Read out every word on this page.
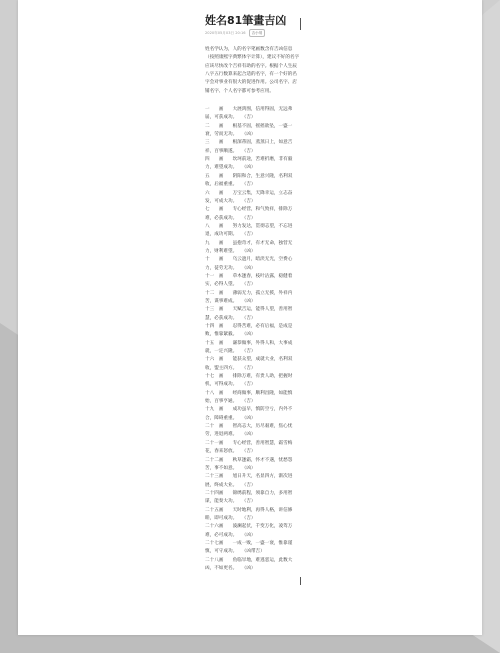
姓名81筆畫吉凶
2020年05月03日 20:16	吉小易

姓名学认为，人的名字笔画数含有吉凶信息（按照康熙字典繁体字计算），建议不好的名字应该尽快改个吉祥有助的名字。根据个人生辰八字五行数算来起合适的名字，有一个好的名字会对事业有很大的促进作用。公司名字、店铺名字、个人名字都可参考应用。

一　　画　　大展鸿图，信用得固，无远弗届，可获成功。　　（吉）

二　　画　　根基不固，摇摇欲坠，一盛一衰，劳而无功。　　（凶）

三　　画　　根深蒂固，蒸蒸日上，如意吉祥，百事顺遂。　　（吉）

四　　画　　坎坷前途，苦难折磨，非有毅力，难望成功。　　（凶）

五　　画　　阴阳和合，生意兴隆，名利双收，后福重重。　　（吉）

六　　画　　万宝云集，天降幸运，立志奋发，可成大功。　　（吉）

七　　画　　专心经营，和气致祥，排除万难，必获成功。　　（吉）

八　　画　　努力发达，贯彻志望，不忘进退，成功可期。　　（吉）

九　　画　　虽抱奇才，有才无命，独营无力，财利难望。　　（凶）

十　　画　　乌云遮月，暗淡无光，空费心力，徒劳无功。　　（凶）

十一　画　　草木逢春，枝叶沾露，稳健着实，必得人望。　　（吉）

十二　画　　薄弱无力，孤立无援，外祥内苦，谋事难成。　　（凶）

十三　画　　天赋吉运，能得人望，善用智慧，必获成功。　　（吉）

十四　画　　忍得苦难，必有后福，是成是败，惟靠紧毅。　　（凶）

十五　画　　谦恭做事，外得人和，大事成就，一定兴隆。　　（吉）

十六　画　　能获众望，成就大业，名利双收，盟主四方。　　（吉）

十七　画　　排除万难，有贵人助，把握时机，可得成功。　　（吉）

十八　画　　经商做事，顺利昌隆，如能慎始，百事亨通。　　（吉）

十九　画　　成功虽早，慎防空亏，内外不合，障碍重重。　　（凶）

二十　画　　智高志大，历尽艰难，焦心忧劳，进退两难。　　（凶）

二十一画　　专心经营，善用智慧，霜雪梅花，春来怒放。　　（吉）

二十二画　　秋草逢霜，怀才不遇，忧愁怨苦，事不如意。　　（凶）

二十三画　　旭日升天，名显四方，渐次进展，终成大业。　　（吉）

二十四画　　锦绣前程，须靠自力，多用智谋，能奏大功。　　（吉）

二十五画　　天时地利，再得人格，讲信修睦，即可成功。　　（吉）

二十六画　　波澜起伏，千变万化，凌驾万难，必可成功。　　（凶）

二十七画　　一成一败，一盛一衰，惟靠谨慎，可守成功。　　（凶带吉）

二十八画　　鱼临旱地，难逃恶运，此数大凶，不如更名。　　（凶）
